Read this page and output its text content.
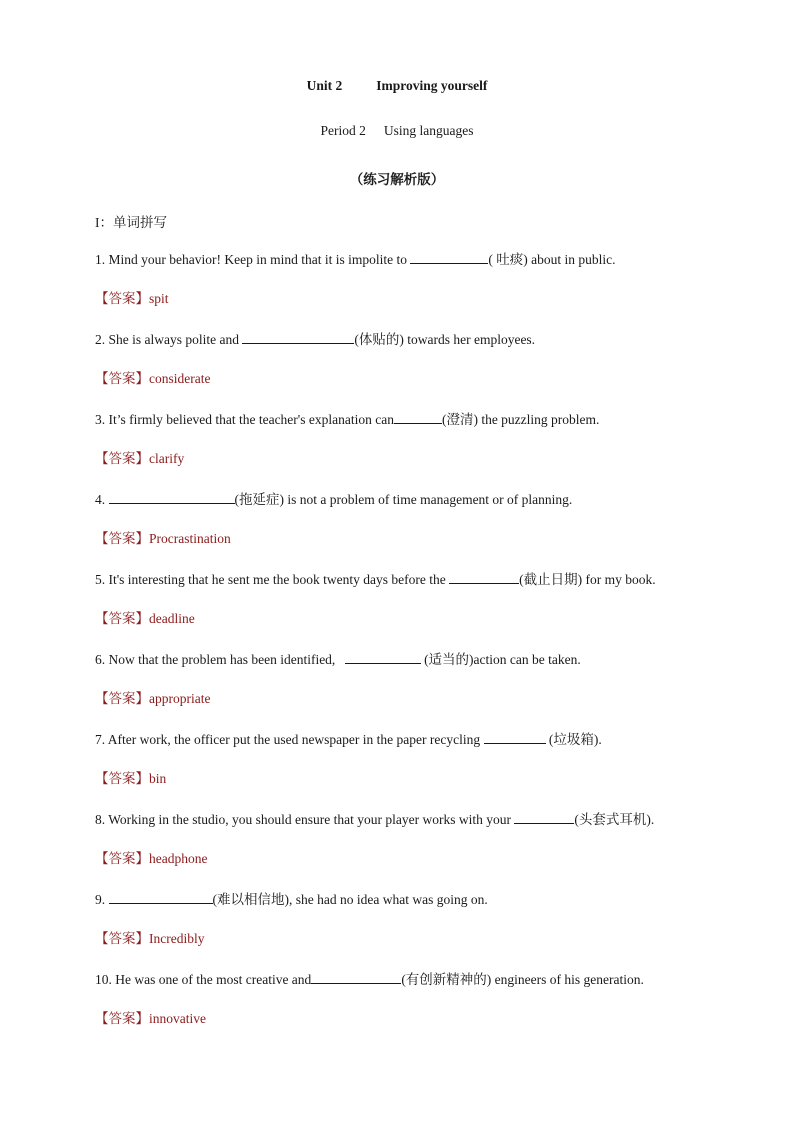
Unit 2	Improving yourself
Period 2 Using languages
（练习解析版）
I：单词拼写
1. Mind your behavior! Keep in mind that it is impolite to	( 吐痰) about in public.
【答案】spit
2. She is always polite and	(体贴的) towards her employees.
【答案】considerate
3. It’s firmly believed that the teacher's explanation can	(澄清) the puzzling problem.
【答案】clarify
4.	(拖延症) is not a problem of time management or of planning.
【答案】Procrastination
5. It's interesting that he sent me the book twenty days before the	(截止日期) for my book.
【答案】deadline
6. Now that the problem has been identified,	(适当的)action can be taken.
【答案】appropriate
7. After work, the officer put the used newspaper in the paper recycling	(垃圾箱).
【答案】bin
8. Working in the studio, you should ensure that your player works with your	(头套式耳机).
【答案】headphone
9.	(难以相信地), she had no idea what was going on.
【答案】Incredibly
10. He was one of the most creative and	(有创新精神的) engineers of his generation.
【答案】innovative
